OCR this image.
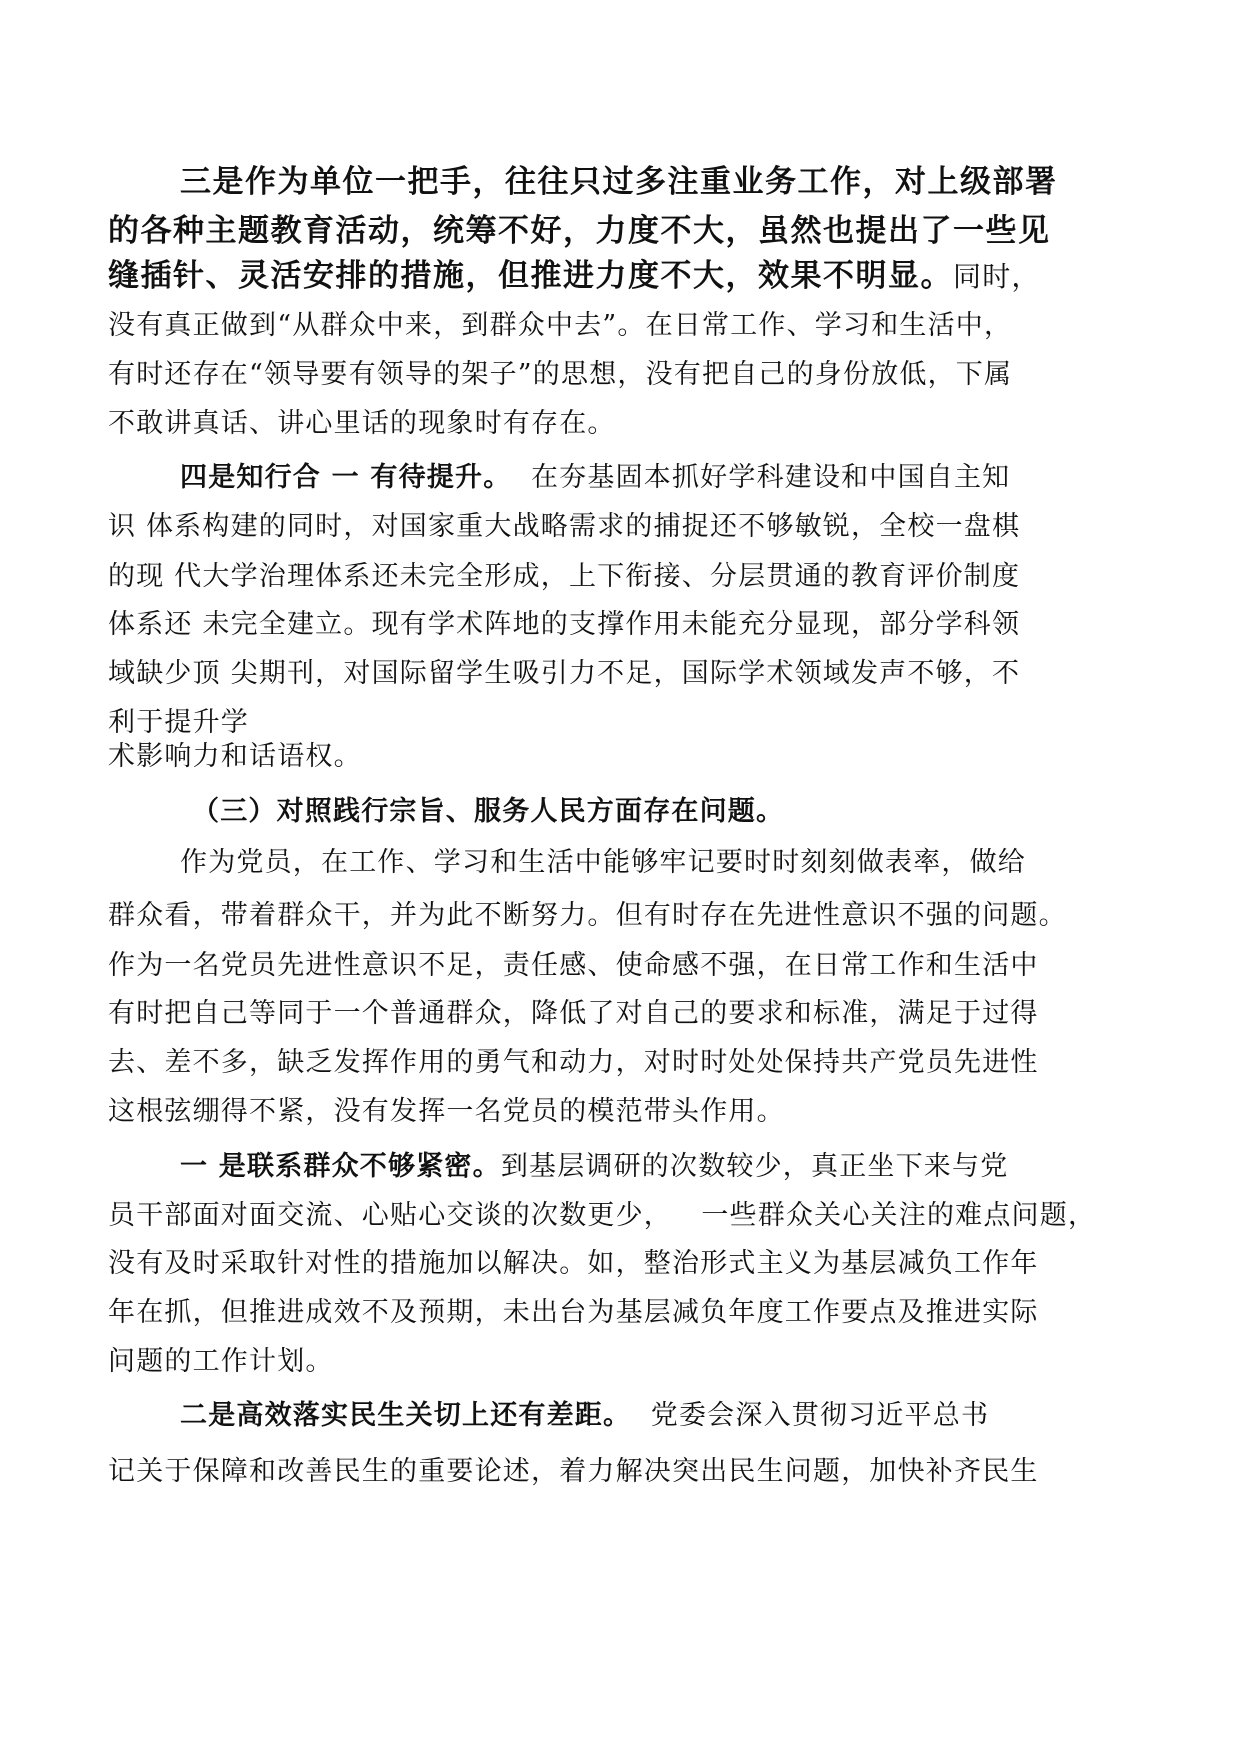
三是作为单位一把手，往往只过多注重业务工作，对上级部署
的各种主题教育活动，统筹不好，力度不大，虽然也提出了一些见
缝插针、灵活安排的措施，但推进力度不大，效果不明显。同时，
没有真正做到“从群众中来，到群众中去”。在日常工作、学习和生活中，
有时还存在“领导要有领导的架子”的思想，没有把自己的身份放低，下属
不敢讲真话、讲心里话的现象时有存在。
四是知行合 一 有待提升。  在夯基固本抓好学科建设和中国自主知
识 体系构建的同时，对国家重大战略需求的捕捉还不够敏锐，全校一盘棋
的现 代大学治理体系还未完全形成，上下衔接、分层贯通的教育评价制度
体系还 未完全建立。现有学术阵地的支撑作用未能充分显现，部分学科领
域缺少顶 尖期刊，对国际留学生吸引力不足，国际学术领域发声不够，不
利于提升学
术影响力和话语权。
（三）对照践行宗旨、服务人民方面存在问题。
作为党员，在工作、学习和生活中能够牢记要时时刻刻做表率，做给
群众看，带着群众干，并为此不断努力。但有时存在先进性意识不强的问题。
作为一名党员先进性意识不足，责任感、使命感不强，在日常工作和生活中
有时把自己等同于一个普通群众，降低了对自己的要求和标准，满足于过得
去、差不多，缺乏发挥作用的勇气和动力，对时时处处保持共产党员先进性
这根弦绷得不紧，没有发挥一名党员的模范带头作用。
一 是联系群众不够紧密。到基层调研的次数较少，真正坐下来与党
员干部面对面交流、心贴心交谈的次数更少，   一些群众关心关注的难点问题，
没有及时采取针对性的措施加以解决。如，整治形式主义为基层减负工作年
年在抓，但推进成效不及预期，未出台为基层减负年度工作要点及推进实际
问题的工作计划。
二是高效落实民生关切上还有差距。  党委会深入贯彻习近平总书
记关于保障和改善民生的重要论述，着力解决突出民生问题，加快补齐民生
